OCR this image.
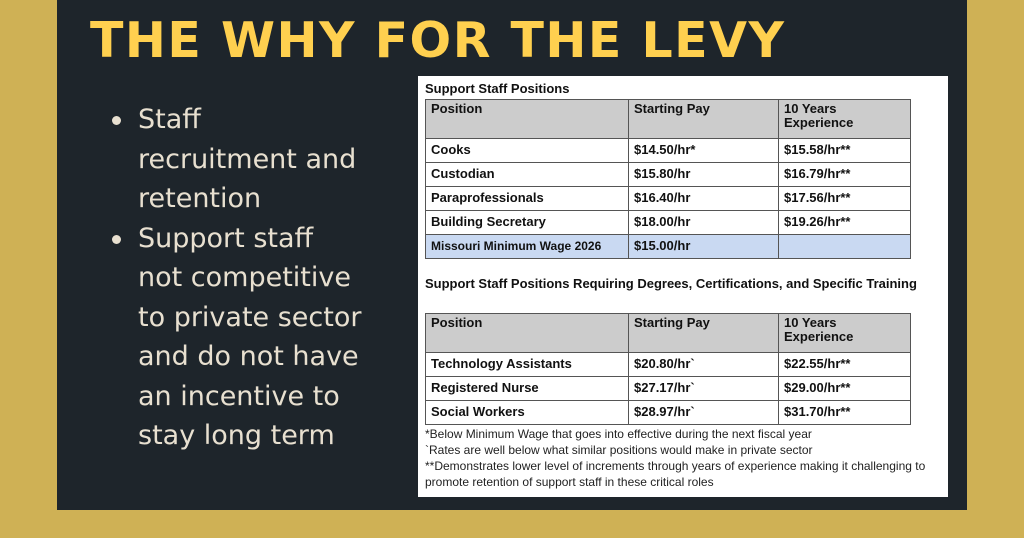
THE WHY FOR THE LEVY
Staff
recruitment and
retention
Support staff
not competitive
to private sector
and do not have
an incentive to
stay long term
Support Staff Positions
Position	Starting Pay	10 Years Experience
Cooks	$14.50/hr*	$15.58/hr**
Custodian	$15.80/hr	$16.79/hr**
Paraprofessionals	$16.40/hr	$17.56/hr**
Building Secretary	$18.00/hr	$19.26/hr**
Missouri Minimum Wage 2026	$15.00/hr	
Support Staff Positions Requiring Degrees, Certifications, and Specific Training
Position	Starting Pay	10 Years Experience
Technology Assistants	$20.80/hr`	$22.55/hr**
Registered Nurse	$27.17/hr`	$29.00/hr**
Social Workers	$28.97/hr`	$31.70/hr**
*Below Minimum Wage that goes into effective during the next fiscal year
`Rates are well below what similar positions would make in private sector
**Demonstrates lower level of increments through years of experience making it challenging to promote retention of support staff in these critical roles
